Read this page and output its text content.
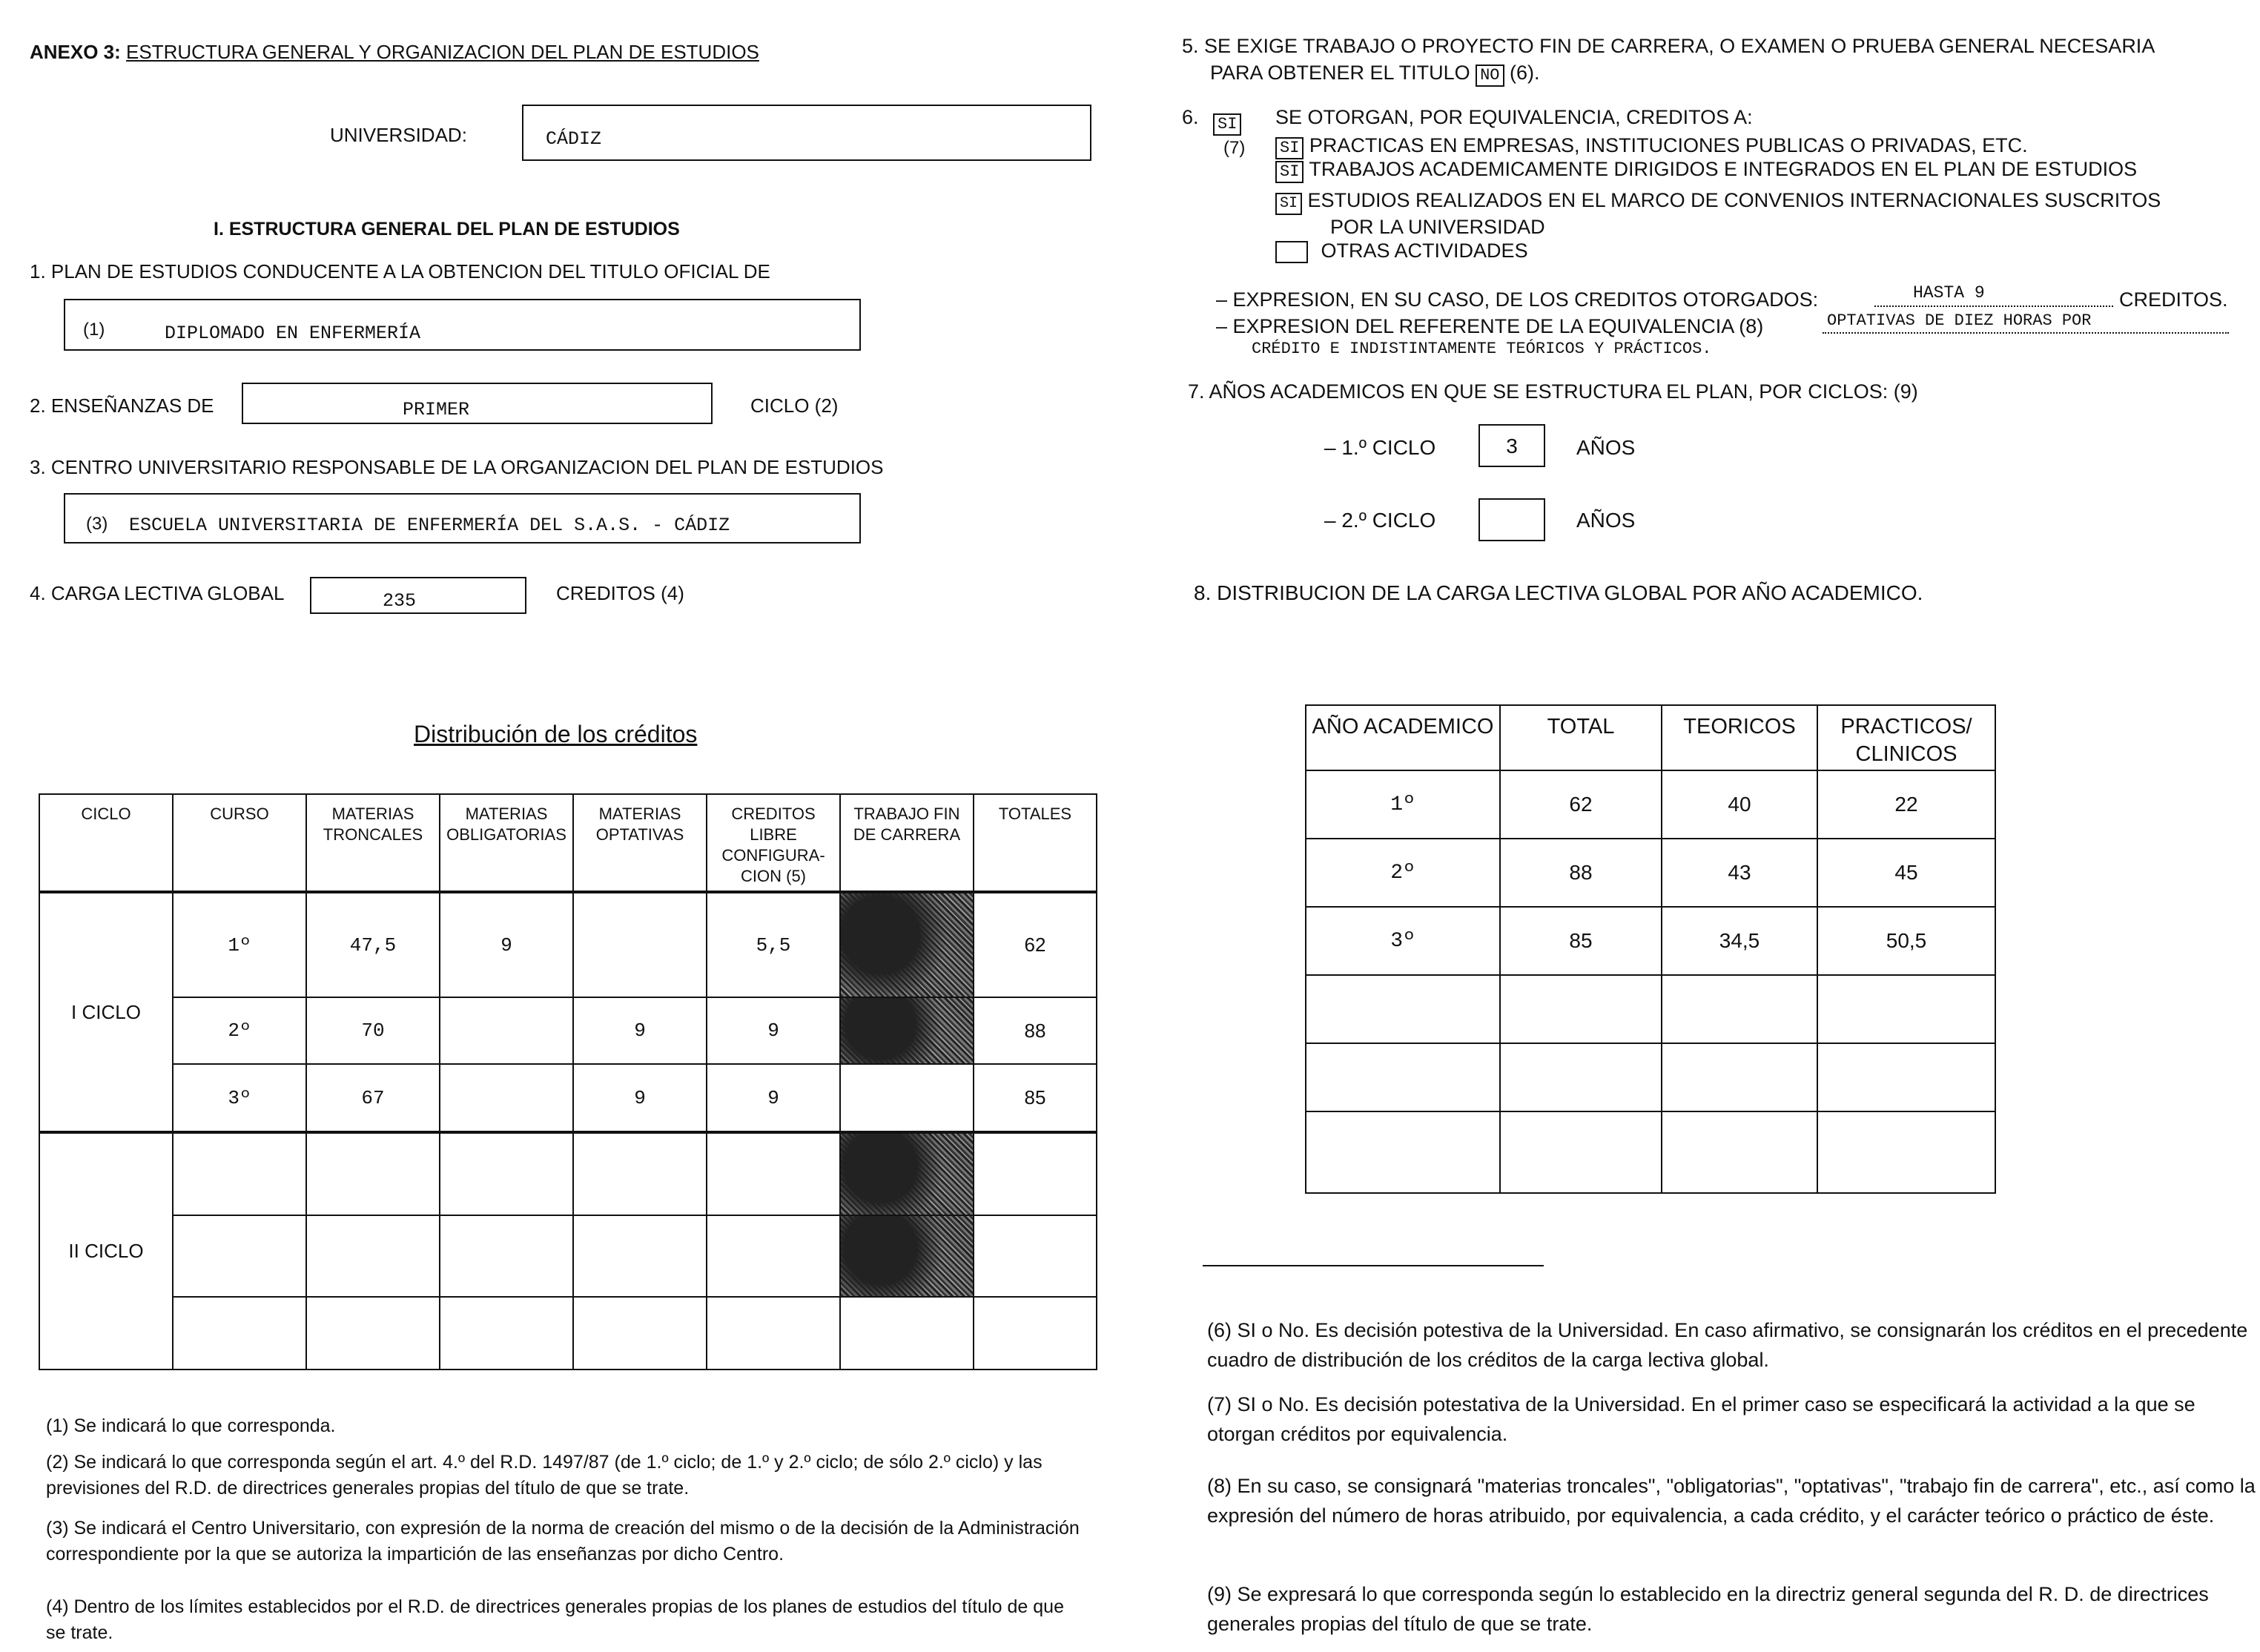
ANEXO 3: ESTRUCTURA GENERAL Y ORGANIZACION DEL PLAN DE ESTUDIOS
UNIVERSIDAD:	CÁDIZ
I. ESTRUCTURA GENERAL DEL PLAN DE ESTUDIOS
1. PLAN DE ESTUDIOS CONDUCENTE A LA OBTENCION DEL TITULO OFICIAL DE
(1)	DIPLOMADO EN ENFERMERÍA
2. ENSEÑANZAS DE	PRIMER	CICLO (2)
3. CENTRO UNIVERSITARIO RESPONSABLE DE LA ORGANIZACION DEL PLAN DE ESTUDIOS
(3) ESCUELA UNIVERSITARIA DE ENFERMERÍA DEL S.A.S. - CÁDIZ
4. CARGA LECTIVA GLOBAL	235	CREDITOS (4)
Distribución de los créditos
CICLO	CURSO	MATERIAS TRONCALES	MATERIAS OBLIGATORIAS	MATERIAS OPTATIVAS	CREDITOS LIBRE CONFIGURA-CION (5)	TRABAJO FIN DE CARRERA	TOTALES
I CICLO	1º	47,5	9		5,5		62
	2º	70		9	9		88
	3º	67		9	9		85
II CICLO							

(1) Se indicará lo que corresponda.
(2) Se indicará lo que corresponda según el art. 4.º del R.D. 1497/87 (de 1.º ciclo; de 1.º y 2.º ciclo; de sólo 2.º ciclo) y las previsiones del R.D. de directrices generales propias del título de que se trate.
(3) Se indicará el Centro Universitario, con expresión de la norma de creación del mismo o de la decisión de la Administración correspondiente por la que se autoriza la impartición de las enseñanzas por dicho Centro.
(4) Dentro de los límites establecidos por el R.D. de directrices generales propias de los planes de estudios del título de que se trate.
5. SE EXIGE TRABAJO O PROYECTO FIN DE CARRERA, O EXAMEN O PRUEBA GENERAL NECESARIA
PARA OBTENER EL TITULO NO (6).
6. SI
(7)
SE OTORGAN, POR EQUIVALENCIA, CREDITOS A:
SI PRACTICAS EN EMPRESAS, INSTITUCIONES PUBLICAS O PRIVADAS, ETC.
SI TRABAJOS ACADEMICAMENTE DIRIGIDOS E INTEGRADOS EN EL PLAN DE ESTUDIOS
SI ESTUDIOS REALIZADOS EN EL MARCO DE CONVENIOS INTERNACIONALES SUSCRITOS
POR LA UNIVERSIDAD
OTRAS ACTIVIDADES
– EXPRESION, EN SU CASO, DE LOS CREDITOS OTORGADOS:	HASTA 9	CREDITOS.
– EXPRESION DEL REFERENTE DE LA EQUIVALENCIA (8)	OPTATIVAS DE DIEZ HORAS POR
CRÉDITO E INDISTINTAMENTE TEÓRICOS Y PRÁCTICOS.
7. AÑOS ACADEMICOS EN QUE SE ESTRUCTURA EL PLAN, POR CICLOS: (9)
– 1.º CICLO	3	AÑOS
– 2.º CICLO	AÑOS
8. DISTRIBUCION DE LA CARGA LECTIVA GLOBAL POR AÑO ACADEMICO.
AÑO ACADEMICO	TOTAL	TEORICOS	PRACTICOS/ CLINICOS
1º	62	40	22
2º	88	43	45
3º	85	34,5	50,5

(6) SI o No. Es decisión potestiva de la Universidad. En caso afirmativo, se consignarán los créditos en el precedente cuadro de distribución de los créditos de la carga lectiva global.
(7) SI o No. Es decisión potestativa de la Universidad. En el primer caso se especificará la actividad a la que se otorgan créditos por equivalencia.
(8) En su caso, se consignará "materias troncales", "obligatorias", "optativas", "trabajo fin de carrera", etc., así como la expresión del número de horas atribuido, por equivalencia, a cada crédito, y el carácter teórico o práctico de éste.
(9) Se expresará lo que corresponda según lo establecido en la directriz general segunda del R. D. de directrices generales propias del título de que se trate.
